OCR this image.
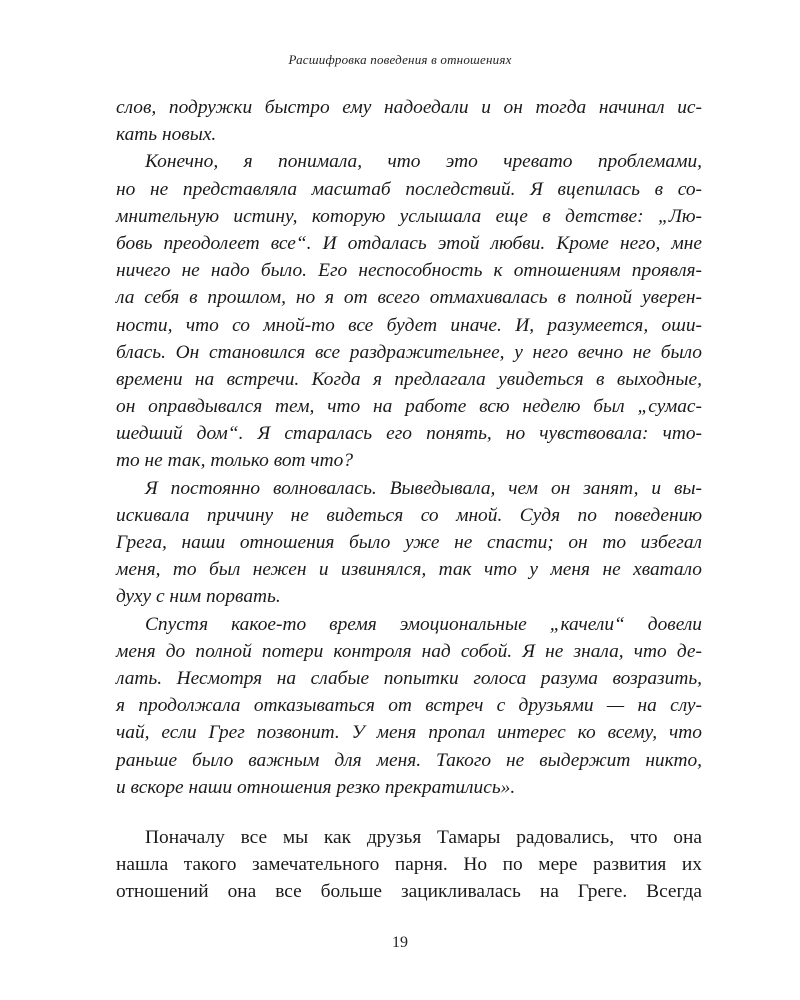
Расшифровка поведения в отношениях
слов, подружки быстро ему надоедали и он тогда начинал ис-
кать новых.
Конечно, я понимала, что это чревато проблемами,
но не представляла масштаб последствий. Я вцепилась в со-
мнительную истину, которую услышала еще в детстве: „Лю-
бовь преодолеет все“. И отдалась этой любви. Кроме него, мне
ничего не надо было. Его неспособность к отношениям проявля-
ла себя в прошлом, но я от всего отмахивалась в полной уверен-
ности, что со мной-то все будет иначе. И, разумеется, оши-
блась. Он становился все раздражительнее, у него вечно не было
времени на встречи. Когда я предлагала увидеться в выходные,
он оправдывался тем, что на работе всю неделю был „сумас-
шедший дом“. Я старалась его понять, но чувствовала: что-
то не так, только вот что?
Я постоянно волновалась. Выведывала, чем он занят, и вы-
искивала причину не видеться со мной. Судя по поведению
Грега, наши отношения было уже не спасти; он то избегал
меня, то был нежен и извинялся, так что у меня не хватало
духу с ним порвать.
Спустя какое-то время эмоциональные „качели“ довели
меня до полной потери контроля над собой. Я не знала, что де-
лать. Несмотря на слабые попытки голоса разума возразить,
я продолжала отказываться от встреч с друзьями — на слу-
чай, если Грег позвонит. У меня пропал интерес ко всему, что
раньше было важным для меня. Такого не выдержит никто,
и вскоре наши отношения резко прекратились».
Поначалу все мы как друзья Тамары радовались, что она
нашла такого замечательного парня. Но по мере развития их
отношений она все больше зацикливалась на Греге. Всегда
19
